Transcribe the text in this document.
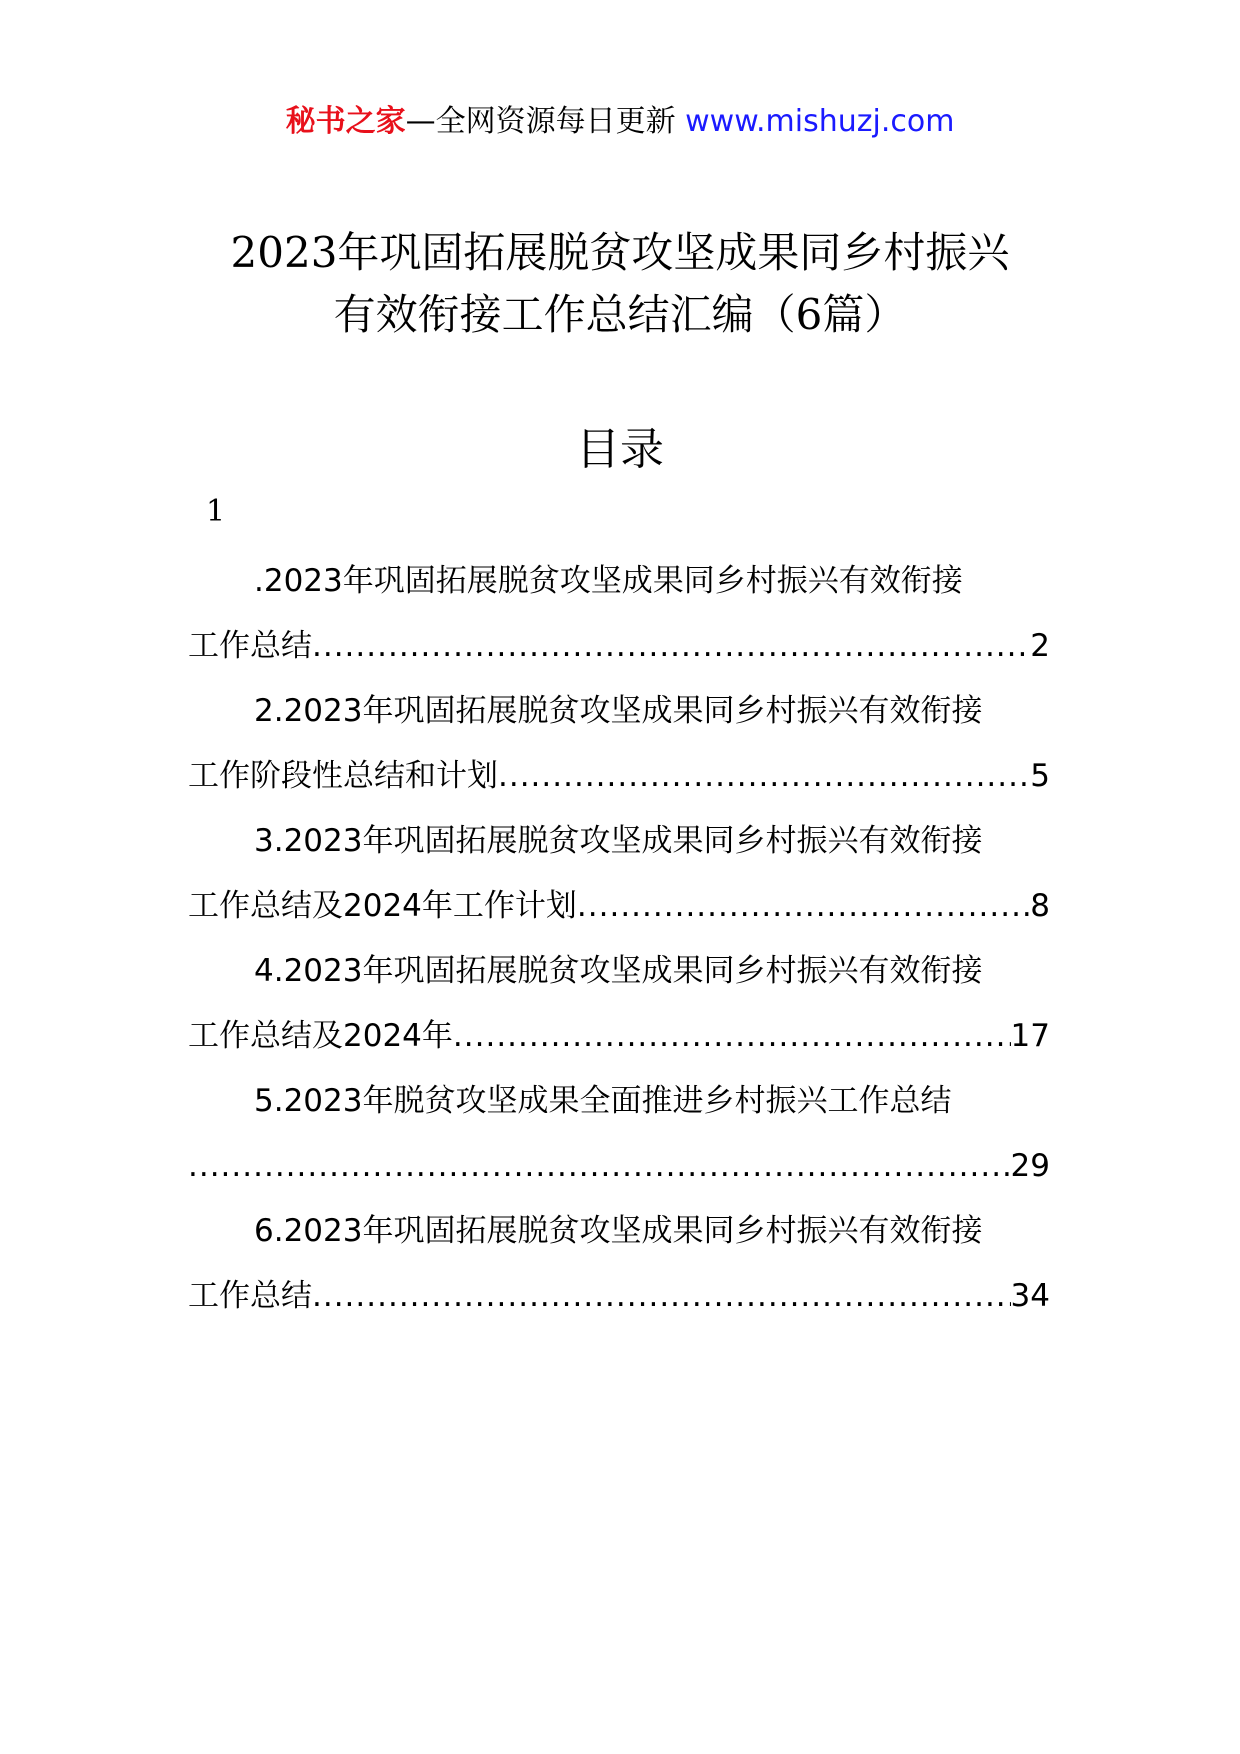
秘书之家—全网资源每日更新 www.mishuzj.com
2023年巩固拓展脱贫攻坚成果同乡村振兴
有效衔接工作总结汇编（6篇）
目录
1
.2023年巩固拓展脱贫攻坚成果同乡村振兴有效衔接
工作总结 .....	2
2.2023年巩固拓展脱贫攻坚成果同乡村振兴有效衔接
工作阶段性总结和计划 .....	5
3.2023年巩固拓展脱贫攻坚成果同乡村振兴有效衔接
工作总结及2024年工作计划 .....	8
4.2023年巩固拓展脱贫攻坚成果同乡村振兴有效衔接
工作总结及2024年 .....	17
5.2023年脱贫攻坚成果全面推进乡村振兴工作总结
.....
29
6.2023年巩固拓展脱贫攻坚成果同乡村振兴有效衔接
工作总结 .....	34
